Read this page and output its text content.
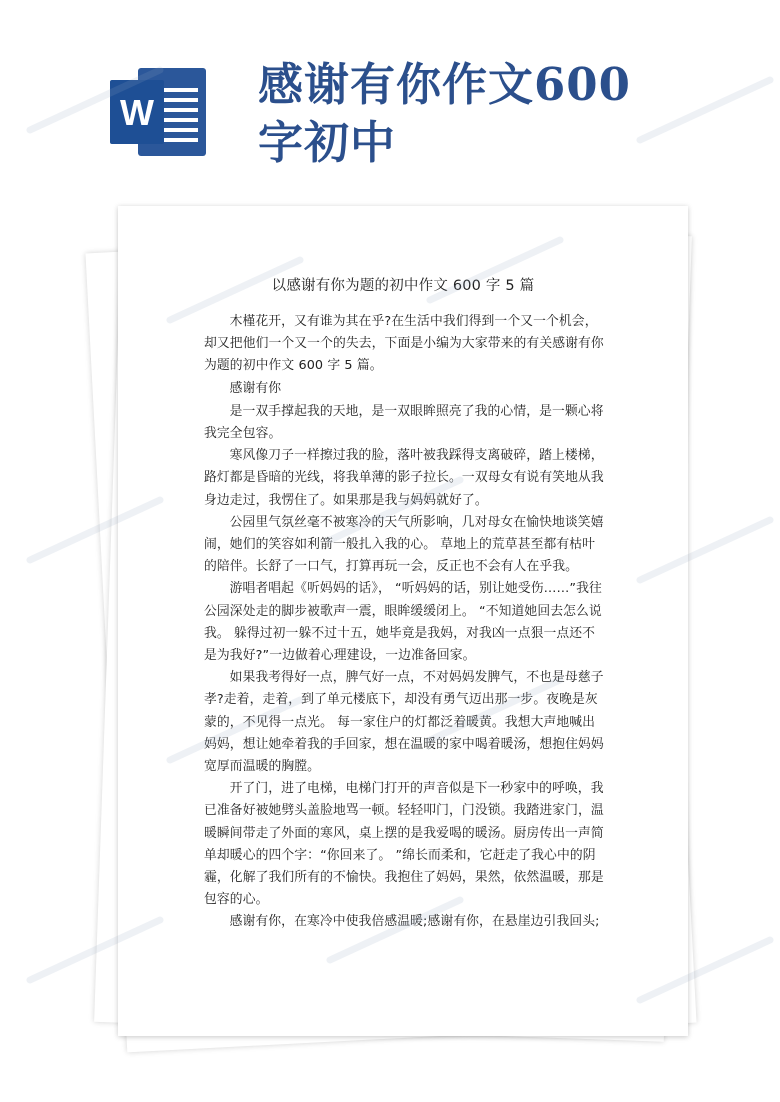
W
感谢有你作文600字初中
以感谢有你为题的初中作文 600 字 5 篇

木槿花开，又有谁为其在乎?在生活中我们得到一个又一个机会，却又把他们一个又一个的失去，下面是小编为大家带来的有关感谢有你为题的初中作文 600 字 5 篇。

感谢有你

是一双手撑起我的天地，是一双眼眸照亮了我的心情，是一颗心将我完全包容。

寒风像刀子一样擦过我的脸，落叶被我踩得支离破碎，踏上楼梯，路灯都是昏暗的光线，将我单薄的影子拉长。一双母女有说有笑地从我身边走过，我愣住了。如果那是我与妈妈就好了。

公园里气氛丝毫不被寒冷的天气所影响，几对母女在愉快地谈笑嬉闹，她们的笑容如利箭一般扎入我的心。 草地上的荒草甚至都有枯叶的陪伴。长舒了一口气，打算再玩一会，反正也不会有人在乎我。

游唱者唱起《听妈妈的话》， “听妈妈的话，别让她受伤……”我往公园深处走的脚步被歌声一震，眼眸缓缓闭上。 “不知道她回去怎么说我。 躲得过初一躲不过十五，她毕竟是我妈，对我凶一点狠一点还不是为我好?”一边做着心理建设，一边准备回家。

如果我考得好一点，脾气好一点，不对妈妈发脾气，不也是母慈子孝?走着，走着，到了单元楼底下，却没有勇气迈出那一步。夜晚是灰蒙的，不见得一点光。 每一家住户的灯都泛着暖黄。我想大声地喊出妈妈，想让她牵着我的手回家，想在温暖的家中喝着暖汤，想抱住妈妈宽厚而温暖的胸膛。

开了门，进了电梯，电梯门打开的声音似是下一秒家中的呼唤，我已准备好被她劈头盖脸地骂一顿。轻轻叩门，门没锁。我踏进家门，温暖瞬间带走了外面的寒风，桌上摆的是我爱喝的暖汤。厨房传出一声简单却暖心的四个字：“你回来了。 ”绵长而柔和，它赶走了我心中的阴霾，化解了我们所有的不愉快。我抱住了妈妈，果然，依然温暖，那是包容的心。

感谢有你，在寒冷中使我倍感温暖;感谢有你，在悬崖边引我回头;
